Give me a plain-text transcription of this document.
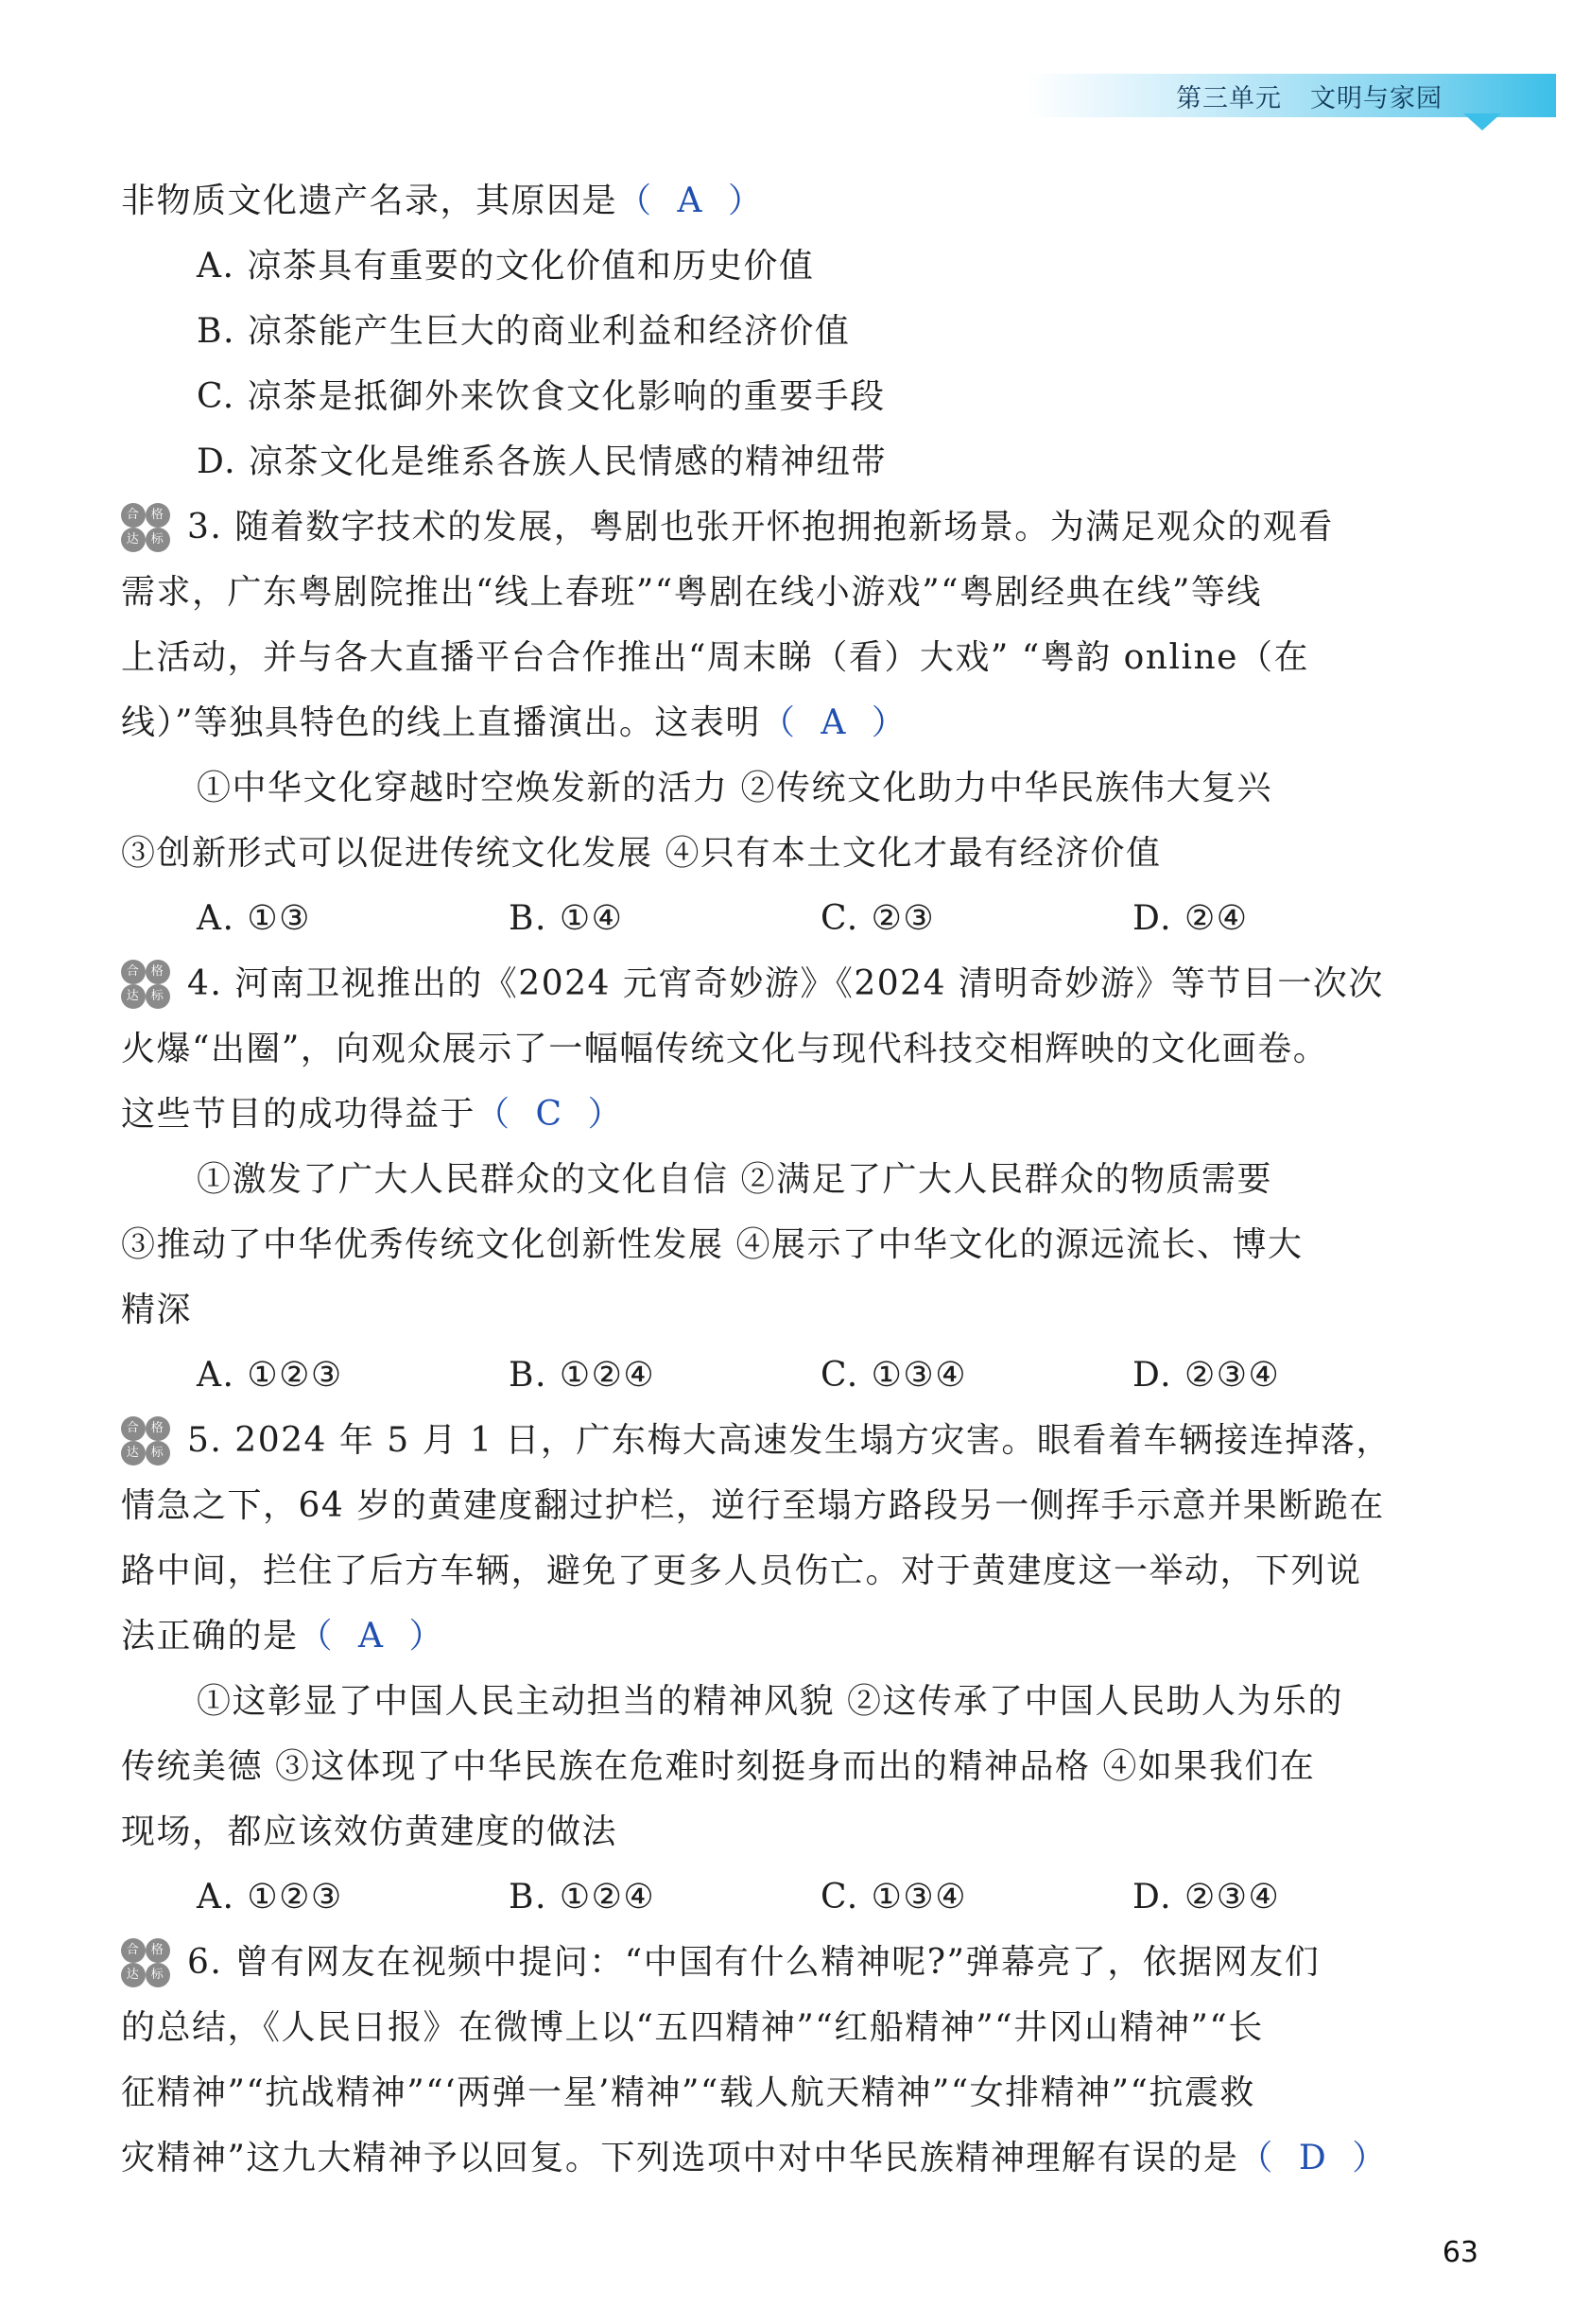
第三单元 文明与家园
非物质文化遗产名录，其原因是（ A ）
A. 凉茶具有重要的文化价值和历史价值
B. 凉茶能产生巨大的商业利益和经济价值
C. 凉茶是抵御外来饮食文化影响的重要手段
D. 凉茶文化是维系各族人民情感的精神纽带
合 格
达 标 3. 随着数字技术的发展，粤剧也张开怀抱拥抱新场景。为满足观众的观看
需求，广东粤剧院推出“线上春班”“粤剧在线小游戏”“粤剧经典在线”等线
上活动，并与各大直播平台合作推出“周末睇（看）大戏” “粤韵 online（在
线）”等独具特色的线上直播演出。这表明（ A ）
①中华文化穿越时空焕发新的活力 ②传统文化助力中华民族伟大复兴
③创新形式可以促进传统文化发展 ④只有本土文化才最有经济价值
A. ①③	B. ①④	C. ②③	D. ②④
合 格
达 标 4. 河南卫视推出的《2024 元宵奇妙游》《2024 清明奇妙游》等节目一次次
火爆“出圈”，向观众展示了一幅幅传统文化与现代科技交相辉映的文化画卷。
这些节目的成功得益于（ C ）
①激发了广大人民群众的文化自信 ②满足了广大人民群众的物质需要
③推动了中华优秀传统文化创新性发展 ④展示了中华文化的源远流长、博大
精深
A. ①②③	B. ①②④	C. ①③④	D. ②③④
合 格
达 标 5. 2024 年 5 月 1 日，广东梅大高速发生塌方灾害。眼看着车辆接连掉落，
情急之下，64 岁的黄建度翻过护栏，逆行至塌方路段另一侧挥手示意并果断跪在
路中间，拦住了后方车辆，避免了更多人员伤亡。对于黄建度这一举动，下列说
法正确的是（ A ）
①这彰显了中国人民主动担当的精神风貌 ②这传承了中国人民助人为乐的
传统美德 ③这体现了中华民族在危难时刻挺身而出的精神品格 ④如果我们在
现场，都应该效仿黄建度的做法
A. ①②③	B. ①②④	C. ①③④	D. ②③④
合 格
达 标 6. 曾有网友在视频中提问：“中国有什么精神呢?”弹幕亮了，依据网友们
的总结，《人民日报》在微博上以“五四精神”“红船精神”“井冈山精神”“长
征精神”“抗战精神”“‘两弹一星’精神”“载人航天精神”“女排精神”“抗震救
灾精神”这九大精神予以回复。下列选项中对中华民族精神理解有误的是（ D ）
63
